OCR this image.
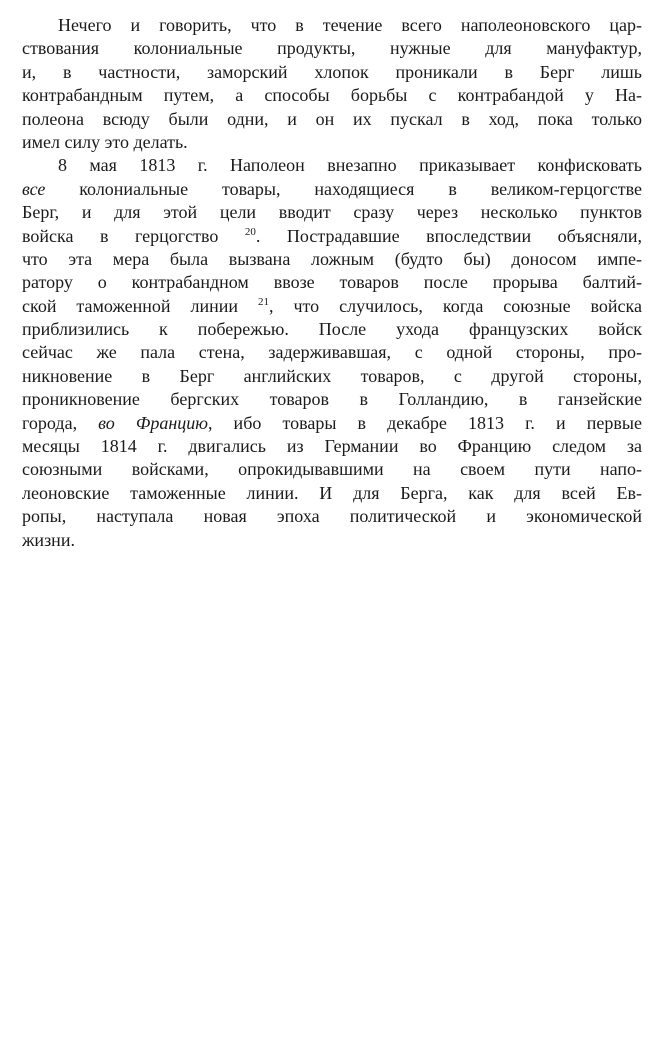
Нечего и говорить, что в течение всего наполеоновского цар-
ствования колониальные продукты, нужные для мануфактур,
и, в частности, заморский хлопок проникали в Берг лишь
контрабандным путем, а способы борьбы с контрабандой у На-
полеона всюду были одни, и он их пускал в ход, пока только
имел силу это делать.
8 мая 1813 г. Наполеон внезапно приказывает конфисковать
все колониальные товары, находящиеся в великом-герцогстве
Берг, и для этой цели вводит сразу через несколько пунктов
войска в герцогство $^{20}$. Пострадавшие впоследствии объясняли,
что эта мера была вызвана ложным (будто бы) доносом импе-
ратору о контрабандном ввозе товаров после прорыва балтий-
ской таможенной линии $^{21}$, что случилось, когда союзные войска
приблизились к побережью. После ухода французских войск
сейчас же пала стена, задерживавшая, с одной стороны, про-
никновение в Берг английских товаров, с другой стороны,
проникновение бергских товаров в Голландию, в ганзейские
города, во Францию, ибо товары в декабре 1813 г. и первые
месяцы 1814 г. двигались из Германии во Францию следом за
союзными войсками, опрокидывавшими на своем пути напо-
леоновские таможенные линии. И для Берга, как для всей Ев-
ропы, наступала новая эпоха политической и экономической
жизни.
